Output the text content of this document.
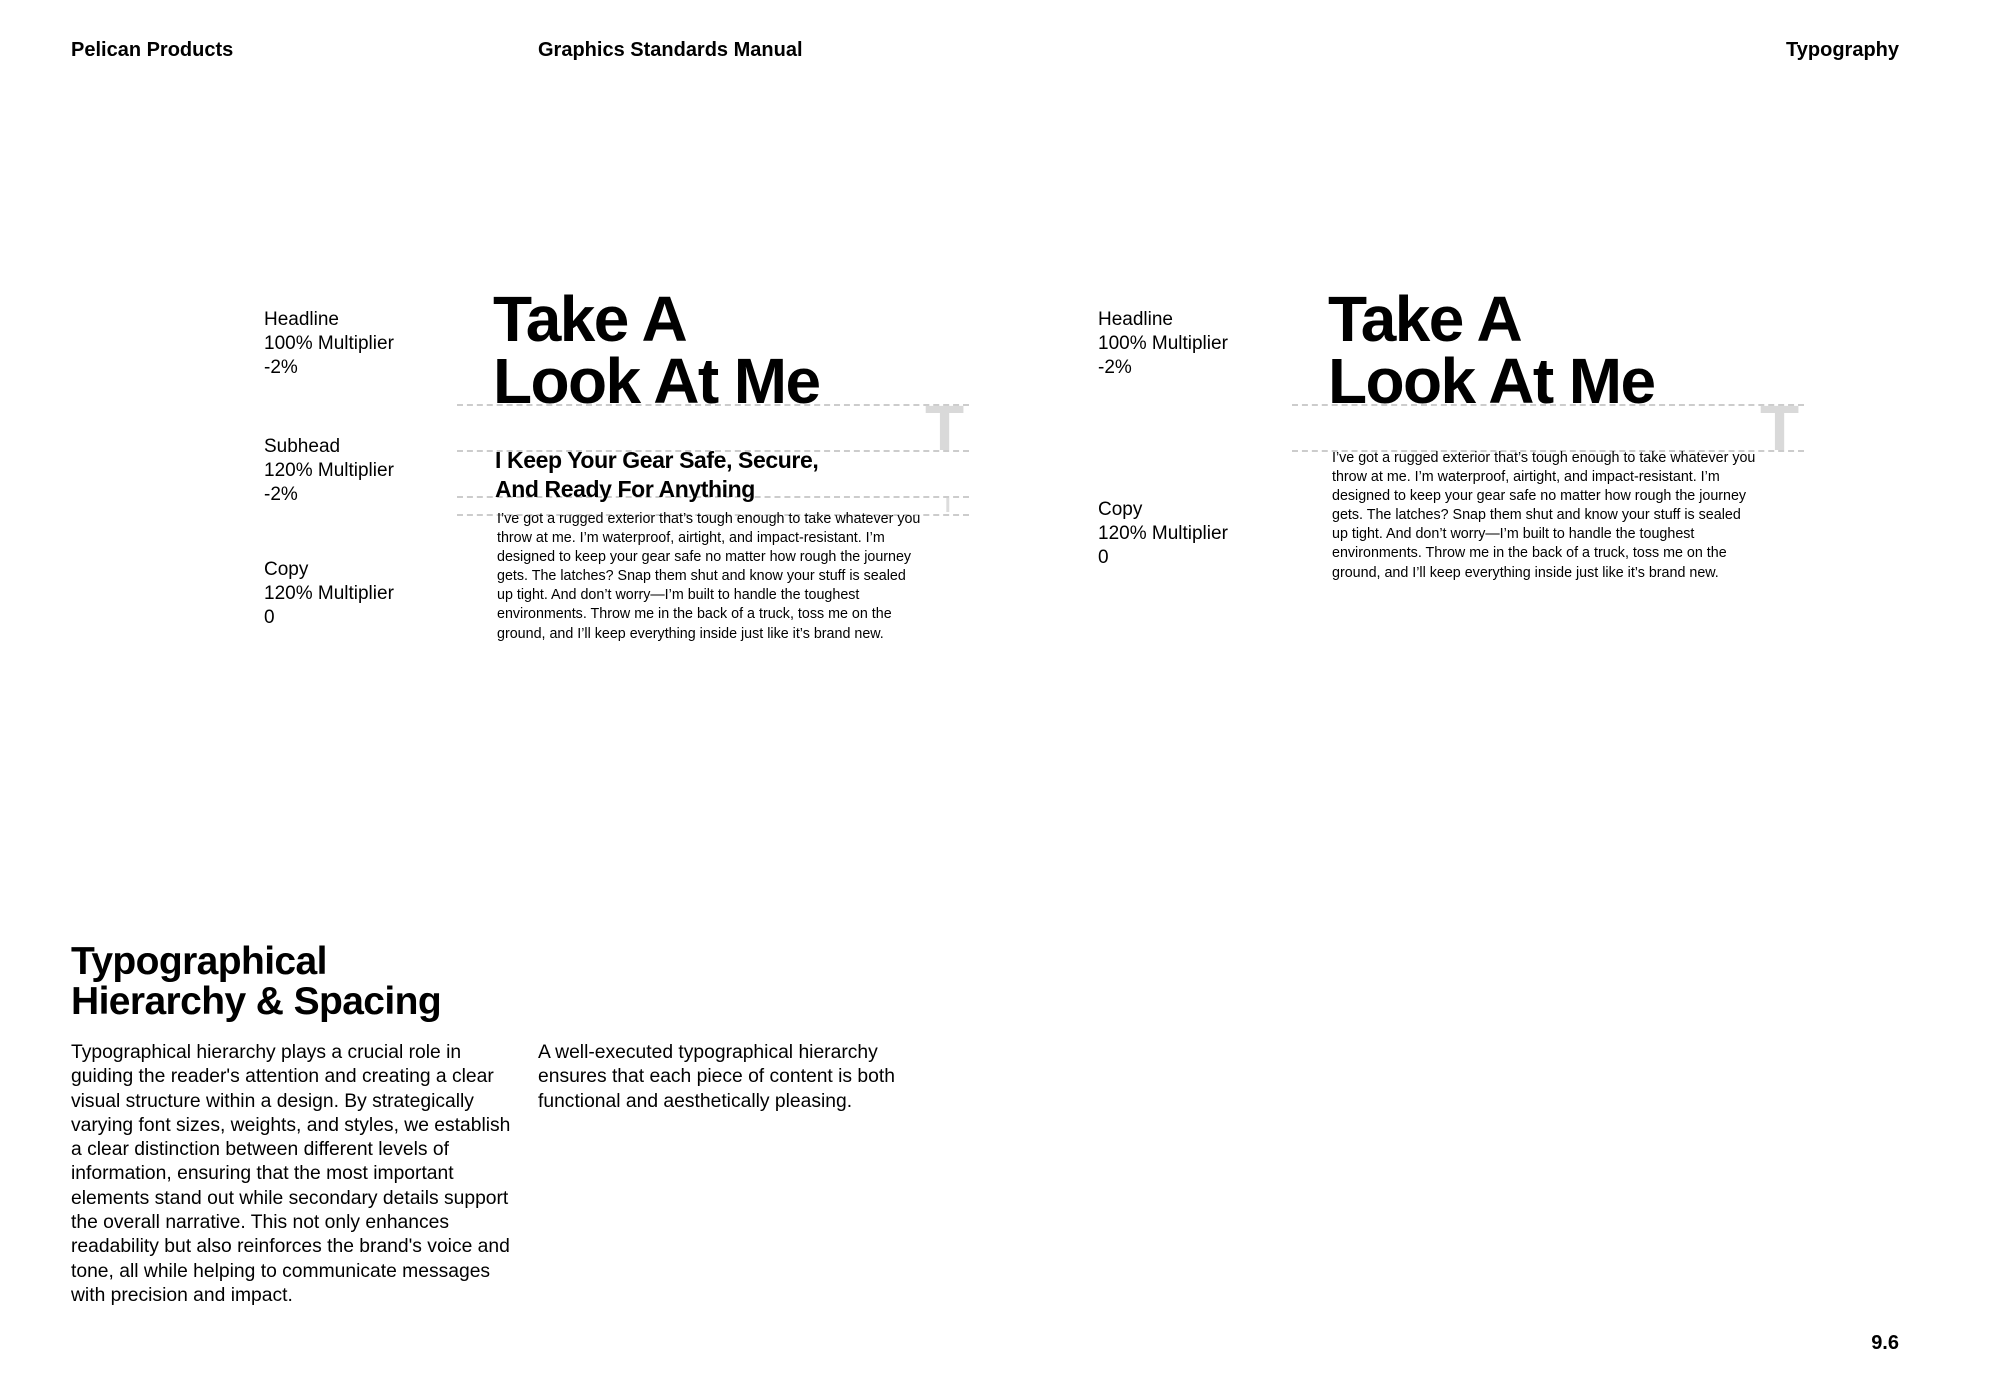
Pelican Products	Graphics Standards Manual	Typography
Headline
100% Multiplier
-2%
Subhead
120% Multiplier
-2%
Copy
120% Multiplier
0
T
I
Take A
Look At Me
I Keep Your Gear Safe, Secure,
And Ready For Anything
I’ve got a rugged exterior that’s tough enough to take whatever you throw at me. I’m waterproof, airtight, and impact-resistant. I’m designed to keep your gear safe no matter how rough the journey gets. The latches? Snap them shut and know your stuff is sealed up tight. And don’t worry—I’m built to handle the toughest environments. Throw me in the back of a truck, toss me on the ground, and I’ll keep everything inside just like it’s brand new.
Headline
100% Multiplier
-2%
Copy
120% Multiplier
0
T
Take A
Look At Me
I’ve got a rugged exterior that’s tough enough to take whatever you throw at me. I’m waterproof, airtight, and impact-resistant. I’m designed to keep your gear safe no matter how rough the journey gets. The latches? Snap them shut and know your stuff is sealed up tight. And don’t worry—I’m built to handle the toughest environments. Throw me in the back of a truck, toss me on the ground, and I’ll keep everything inside just like it’s brand new.
Typographical
Hierarchy & Spacing
Typographical hierarchy plays a crucial role in guiding the reader's attention and creating a clear visual structure within a design. By strategically varying font sizes, weights, and styles, we establish a clear distinction between different levels of information, ensuring that the most important elements stand out while secondary details support the overall narrative. This not only enhances readability but also reinforces the brand's voice and tone, all while helping to communicate messages with precision and impact.
A well-executed typographical hierarchy ensures that each piece of content is both functional and aesthetically pleasing.
9.6
